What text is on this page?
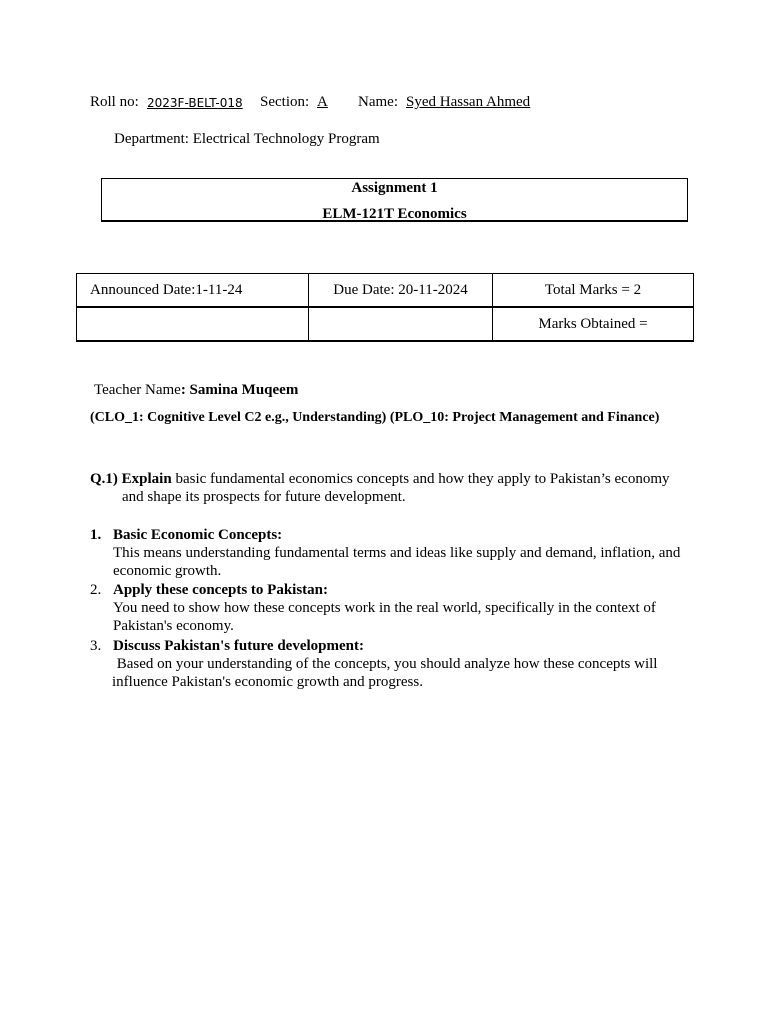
Roll no: 2023F-BELT-018 Section: A Name: Syed Hassan Ahmed
Department: Electrical Technology Program
Assignment 1
ELM-121T Economics
Announced Date:1-11-24	Due Date: 20-11-2024	Total Marks = 2
		Marks Obtained =
Teacher Name: Samina Muqeem
(CLO_1: Cognitive Level C2 e.g., Understanding) (PLO_10: Project Management and Finance)
Q.1) Explain basic fundamental economics concepts and how they apply to Pakistan’s economy
and shape its prospects for future development.
1. Basic Economic Concepts:
This means understanding fundamental terms and ideas like supply and demand, inflation, and
economic growth.
2. Apply these concepts to Pakistan:
You need to show how these concepts work in the real world, specifically in the context of
Pakistan's economy.
3. Discuss Pakistan's future development:
Based on your understanding of the concepts, you should analyze how these concepts will
influence Pakistan's economic growth and progress.
